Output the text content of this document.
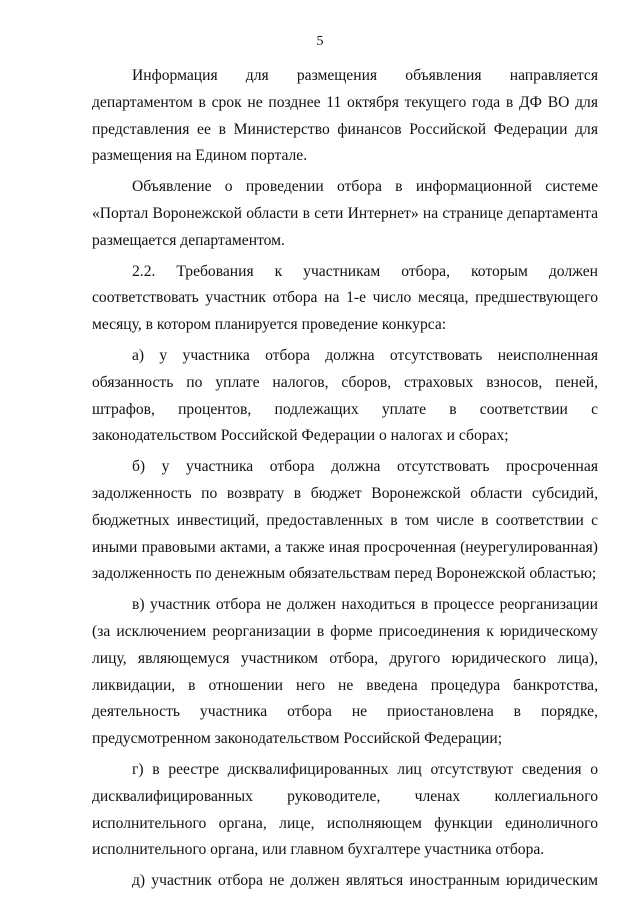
5

Информация для размещения объявления направляется департаментом в срок не позднее 11 октября текущего года в ДФ ВО для представления ее в Министерство финансов Российской Федерации для размещения на Едином портале.

Объявление о проведении отбора в информационной системе «Портал Воронежской области в сети Интернет» на странице департамента размещается департаментом.

2.2. Требования к участникам отбора, которым должен соответствовать участник отбора на 1-е число месяца, предшествующего месяцу, в котором планируется проведение конкурса:

а) у участника отбора должна отсутствовать неисполненная обязанность по уплате налогов, сборов, страховых взносов, пеней, штрафов, процентов, подлежащих уплате в соответствии с законодательством Российской Федерации о налогах и сборах;

б) у участника отбора должна отсутствовать просроченная задолженность по возврату в бюджет Воронежской области субсидий, бюджетных инвестиций, предоставленных в том числе в соответствии с иными правовыми актами, а также иная просроченная (неурегулированная) задолженность по денежным обязательствам перед Воронежской областью;

в) участник отбора не должен находиться в процессе реорганизации (за исключением реорганизации в форме присоединения к юридическому лицу, являющемуся участником отбора, другого юридического лица), ликвидации, в отношении него не введена процедура банкротства, деятельность участника отбора не приостановлена в порядке, предусмотренном законодательством Российской Федерации;

г) в реестре дисквалифицированных лиц отсутствуют сведения о дисквалифицированных руководителе, членах коллегиального исполнительного органа, лице, исполняющем функции единоличного исполнительного органа, или главном бухгалтере участника отбора.

д) участник отбора не должен являться иностранным юридическим
